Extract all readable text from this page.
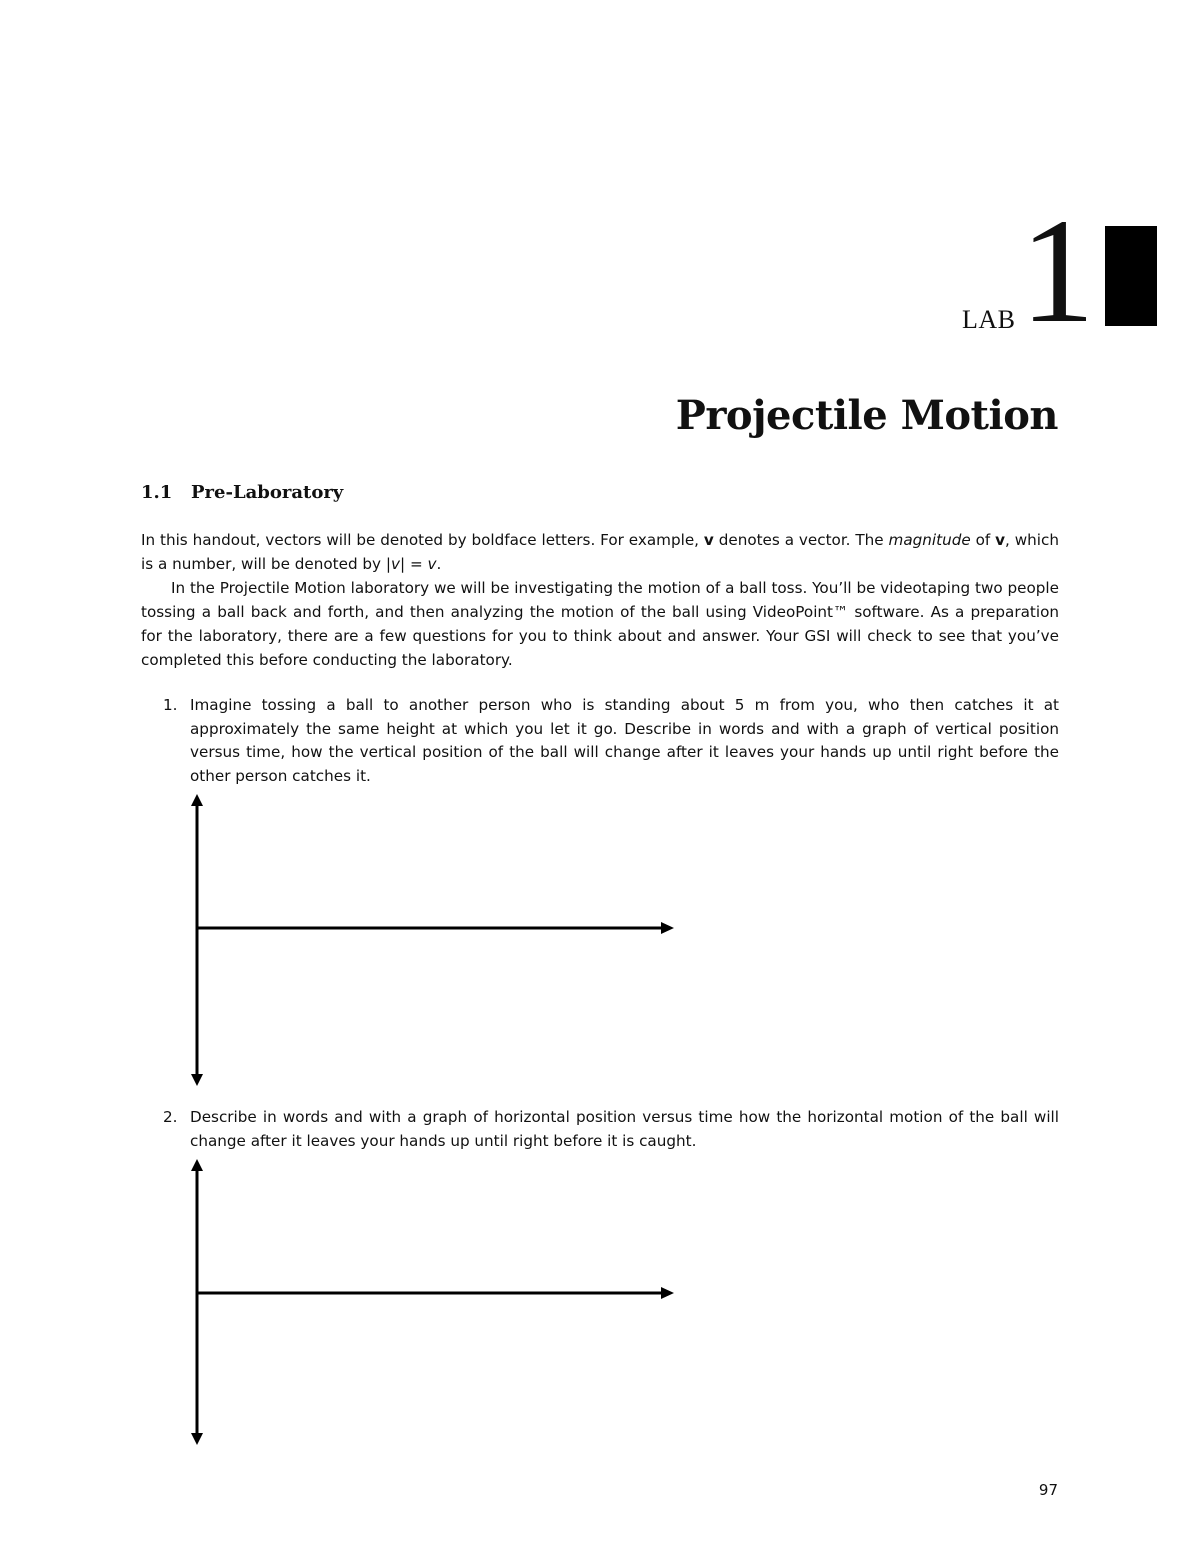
LAB 1
Projectile Motion
1.1 Pre-Laboratory
In this handout, vectors will be denoted by boldface letters. For example, v denotes a vector. The magnitude of v, which is a number, will be denoted by |v| = v.
In the Projectile Motion laboratory we will be investigating the motion of a ball toss. You’ll be videotaping two people tossing a ball back and forth, and then analyzing the motion of the ball using VideoPoint™ software. As a preparation for the laboratory, there are a few questions for you to think about and answer. Your GSI will check to see that you’ve completed this before conducting the laboratory.
1. Imagine tossing a ball to another person who is standing about 5 m from you, who then catches it at approximately the same height at which you let it go. Describe in words and with a graph of vertical position versus time, how the vertical position of the ball will change after it leaves your hands up until right before the other person catches it.
2. Describe in words and with a graph of horizontal position versus time how the horizontal motion of the ball will change after it leaves your hands up until right before it is caught.
97
